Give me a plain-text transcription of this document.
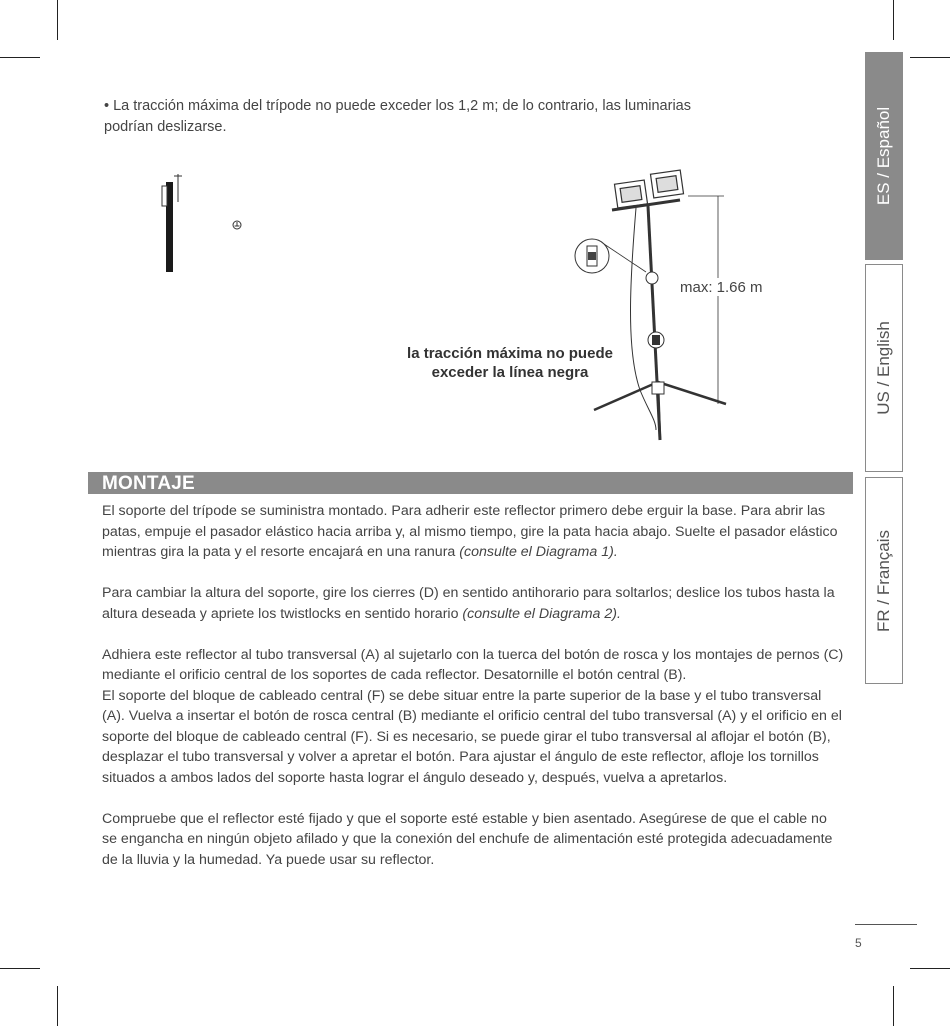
• La tracción máxima del trípode no puede exceder los 1,2 m; de lo contrario, las luminarias podrían deslizarse.
max: 1.66 m
la tracción máxima no puede
exceder la línea negra
MONTAJE

El soporte del trípode se suministra montado. Para adherir este reflector primero debe erguir la base. Para abrir las patas, empuje el pasador elástico hacia arriba y, al mismo tiempo, gire la pata hacia abajo. Suelte el pasador elástico mientras gira la pata y el resorte encajará en una ranura (consulte el Diagrama 1).

Para cambiar la altura del soporte, gire los cierres (D) en sentido antihorario para soltarlos; deslice los tubos hasta la altura deseada y apriete los twistlocks en sentido horario (consulte el Diagrama 2).

Adhiera este reflector al tubo transversal (A) al sujetarlo con la tuerca del botón de rosca y los montajes de pernos (C) mediante el orificio central de los soportes de cada reflector. Desatornille el botón central (B).
El soporte del bloque de cableado central (F) se debe situar entre la parte superior de la base y el tubo transversal (A). Vuelva a insertar el botón de rosca central (B) mediante el orificio central del tubo transversal (A) y el orificio en el soporte del bloque de cableado central (F). Si es necesario, se puede girar el tubo transversal al aflojar el botón (B), desplazar el tubo transversal y volver a apretar el botón. Para ajustar el ángulo de este reflector, afloje los tornillos situados a ambos lados del soporte hasta lograr el ángulo deseado y, después, vuelva a apretarlos.

Compruebe que el reflector esté fijado y que el soporte esté estable y bien asentado. Asegúrese de que el cable no se engancha en ningún objeto afilado y que la conexión del enchufe de alimentación esté protegida adecuadamente de la lluvia y la humedad. Ya puede usar su reflector.

ES / Español
US / English
FR / Français
5
